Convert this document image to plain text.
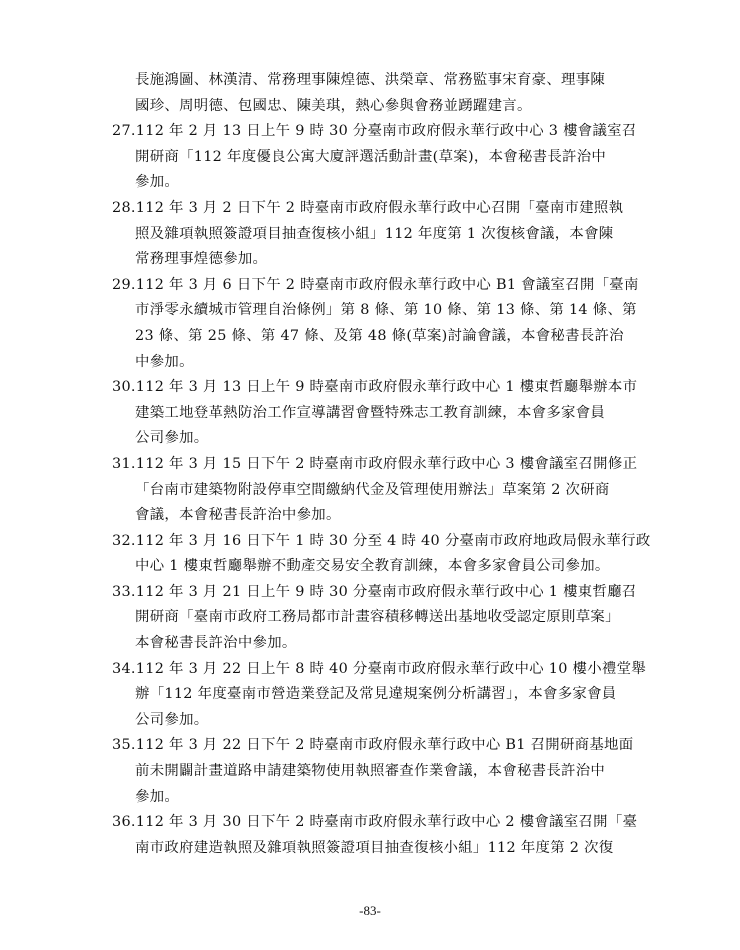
長施鴻圖、林漢清、常務理事陳煌德、洪榮章、常務監事宋育豪、理事陳
國珍、周明德、包國忠、陳美琪，熱心參與會務並踴躍建言。
27.112 年 2 月 13 日上午 9 時 30 分臺南市政府假永華行政中心 3 樓會議室召
開研商「112 年度優良公寓大廈評選活動計畫(草案)，本會秘書長許治中
參加。
28.112 年 3 月 2 日下午 2 時臺南市政府假永華行政中心召開「臺南市建照執
照及雜項執照簽證項目抽查復核小組」112 年度第 1 次復核會議，本會陳
常務理事煌德參加。
29.112 年 3 月 6 日下午 2 時臺南市政府假永華行政中心 B1 會議室召開「臺南
市淨零永續城市管理自治條例」第 8 條、第 10 條、第 13 條、第 14 條、第
23 條、第 25 條、第 47 條、及第 48 條(草案)討論會議，本會秘書長許治
中參加。
30.112 年 3 月 13 日上午 9 時臺南市政府假永華行政中心 1 樓東哲廳舉辦本市
建築工地登革熱防治工作宣導講習會暨特殊志工教育訓練，本會多家會員
公司參加。
31.112 年 3 月 15 日下午 2 時臺南市政府假永華行政中心 3 樓會議室召開修正
「台南市建築物附設停車空間繳納代金及管理使用辦法」草案第 2 次研商
會議，本會秘書長許治中參加。
32.112 年 3 月 16 日下午 1 時 30 分至 4 時 40 分臺南市政府地政局假永華行政
中心 1 樓東哲廳舉辦不動產交易安全教育訓練，本會多家會員公司參加。
33.112 年 3 月 21 日上午 9 時 30 分臺南市政府假永華行政中心 1 樓東哲廳召
開研商「臺南市政府工務局都市計畫容積移轉送出基地收受認定原則草案」
本會秘書長許治中參加。
34.112 年 3 月 22 日上午 8 時 40 分臺南市政府假永華行政中心 10 樓小禮堂舉
辦「112 年度臺南市營造業登記及常見違規案例分析講習」，本會多家會員
公司參加。
35.112 年 3 月 22 日下午 2 時臺南市政府假永華行政中心 B1 召開研商基地面
前未開闢計畫道路申請建築物使用執照審查作業會議，本會秘書長許治中
參加。
36.112 年 3 月 30 日下午 2 時臺南市政府假永華行政中心 2 樓會議室召開「臺
南市政府建造執照及雜項執照簽證項目抽查復核小組」112 年度第 2 次復
-83-
